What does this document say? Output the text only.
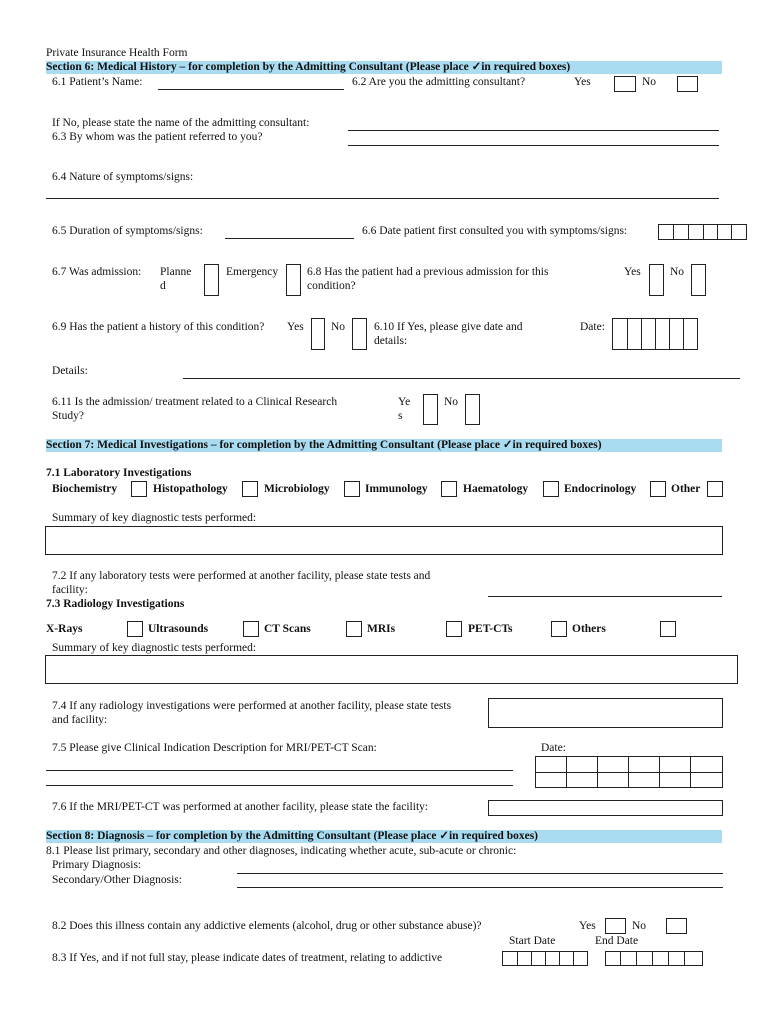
Private Insurance Health Form
Section 6: Medical History – for completion by the Admitting Consultant (Please place ✓in required boxes)
6.1 Patient’s Name:	6.2 Are you the admitting consultant?	Yes	No
If No, please state the name of the admitting consultant:
6.3 By whom was the patient referred to you?
6.4 Nature of symptoms/signs:
6.5 Duration of symptoms/signs:	6.6 Date patient first consulted you with symptoms/signs:
6.7 Was admission: Planne
d
Emergency	6.8 Has the patient had a previous admission for this
condition?
Yes	No
6.9 Has the patient a history of this condition? Yes No	6.10 If Yes, please give date and
details:
Date:
Details:
6.11 Is the admission/ treatment related to a Clinical Research
Study?
Ye
s
No
Section 7: Medical Investigations – for completion by the Admitting Consultant (Please place ✓in required boxes)
7.1 Laboratory Investigations
Biochemistry	Histopathology	Microbiology	Immunology	Haematology	Endocrinology	Other
Summary of key diagnostic tests performed:
7.2 If any laboratory tests were performed at another facility, please state tests and
facility:
7.3 Radiology Investigations
X-Rays	Ultrasounds	CT Scans	MRIs	PET-CTs	Others
Summary of key diagnostic tests performed:
7.4 If any radiology investigations were performed at another facility, please state tests
and facility:
7.5 Please give Clinical Indication Description for MRI/PET-CT Scan:	Date:
7.6 If the MRI/PET-CT was performed at another facility, please state the facility:
Section 8: Diagnosis – for completion by the Admitting Consultant (Please place ✓in required boxes)
8.1 Please list primary, secondary and other diagnoses, indicating whether acute, sub-acute or chronic:
Primary Diagnosis:
Secondary/Other Diagnosis:
8.2 Does this illness contain any addictive elements (alcohol, drug or other substance abuse)?	Yes	No
Start Date	End Date
8.3 If Yes, and if not full stay, please indicate dates of treatment, relating to addictive
